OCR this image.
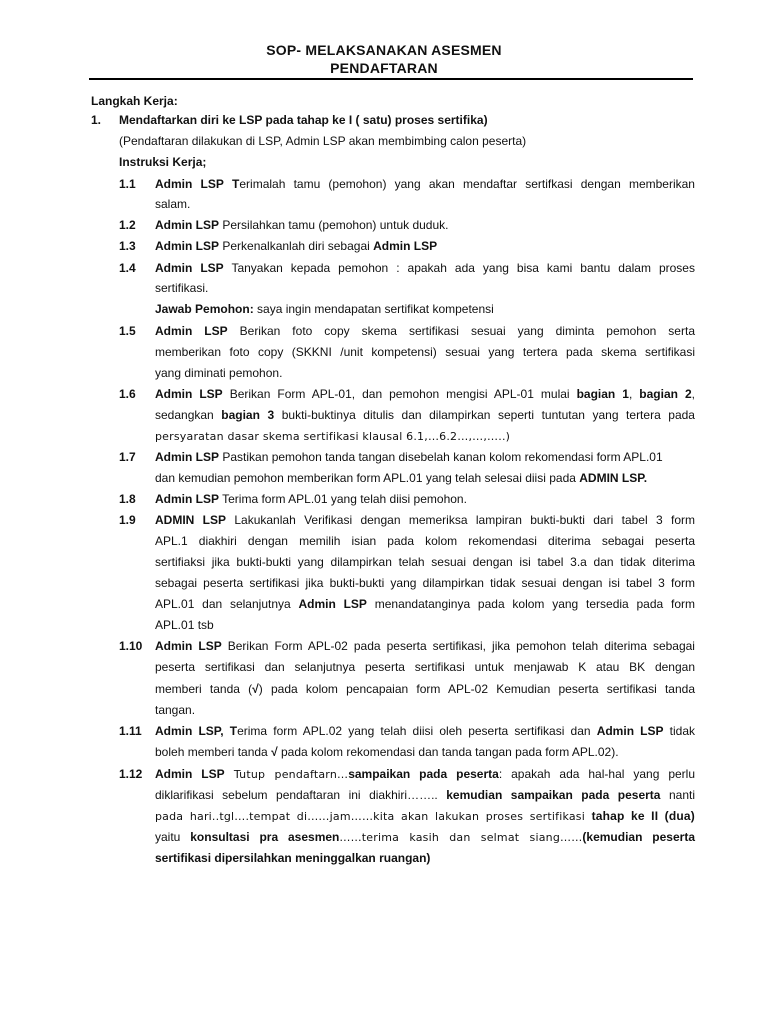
SOP- MELAKSANAKAN ASESMEN
PENDAFTARAN
Langkah Kerja:
1. Mendaftarkan diri ke LSP pada tahap ke I ( satu) proses sertifika)
(Pendaftaran dilakukan di LSP, Admin LSP akan membimbing calon peserta)
Instruksi Kerja;
1.1 Admin LSP Terimalah tamu (pemohon) yang akan mendaftar sertifkasi dengan memberikan
salam.
1.2 Admin LSP Persilahkan tamu (pemohon) untuk duduk.
1.3 Admin LSP Perkenalkanlah diri sebagai Admin LSP
1.4 Admin LSP Tanyakan kepada pemohon : apakah ada yang bisa kami bantu dalam proses
sertifikasi.
Jawab Pemohon: saya ingin mendapatan sertifikat kompetensi
1.5 Admin LSP Berikan foto copy skema sertifikasi sesuai yang diminta pemohon serta
memberikan foto copy (SKKNI /unit kompetensi) sesuai yang tertera pada skema sertifikasi
yang diminati pemohon.
1.6 Admin LSP Berikan Form APL-01, dan pemohon mengisi APL-01 mulai bagian 1, bagian 2,
sedangkan bagian 3 bukti-buktinya ditulis dan dilampirkan seperti tuntutan yang tertera pada
persyaratan dasar skema sertifikasi klausal 6.1,…6.2…,…,…..)
1.7 Admin LSP Pastikan pemohon tanda tangan disebelah kanan kolom rekomendasi form APL.01
dan kemudian pemohon memberikan form APL.01 yang telah selesai diisi pada ADMIN LSP.
1.8 Admin LSP Terima form APL.01 yang telah diisi pemohon.
1.9 ADMIN LSP Lakukanlah Verifikasi dengan memeriksa lampiran bukti-bukti dari tabel 3 form
APL.1 diakhiri dengan memilih isian pada kolom rekomendasi diterima sebagai peserta
sertifiaksi jika bukti-bukti yang dilampirkan telah sesuai dengan isi tabel 3.a dan tidak diterima
sebagai peserta sertifikasi jika bukti-bukti yang dilampirkan tidak sesuai dengan isi tabel 3 form
APL.01 dan selanjutnya Admin LSP menandatanginya pada kolom yang tersedia pada form
APL.01 tsb
1.10 Admin LSP Berikan Form APL-02 pada peserta sertifikasi, jika pemohon telah diterima sebagai
peserta sertifikasi dan selanjutnya peserta sertifikasi untuk menjawab K atau BK dengan
memberi tanda (√) pada kolom pencapaian form APL-02 Kemudian peserta sertifikasi tanda
tangan.
1.11 Admin LSP, Terima form APL.02 yang telah diisi oleh peserta sertifikasi dan Admin LSP tidak
boleh memberi tanda √ pada kolom rekomendasi dan tanda tangan pada form APL.02).
1.12 Admin LSP Tutup pendaftarn…sampaikan pada peserta: apakah ada hal-hal yang perlu
diklarifikasi sebelum pendaftaran ini diakhiri…….. kemudian sampaikan pada peserta nanti
pada hari..tgl….tempat di……jam……kita akan lakukan proses sertifikasi tahap ke II (dua)
yaitu konsultasi pra asesmen……terima kasih dan selmat siang……(kemudian peserta
sertifikasi dipersilahkan meninggalkan ruangan)
